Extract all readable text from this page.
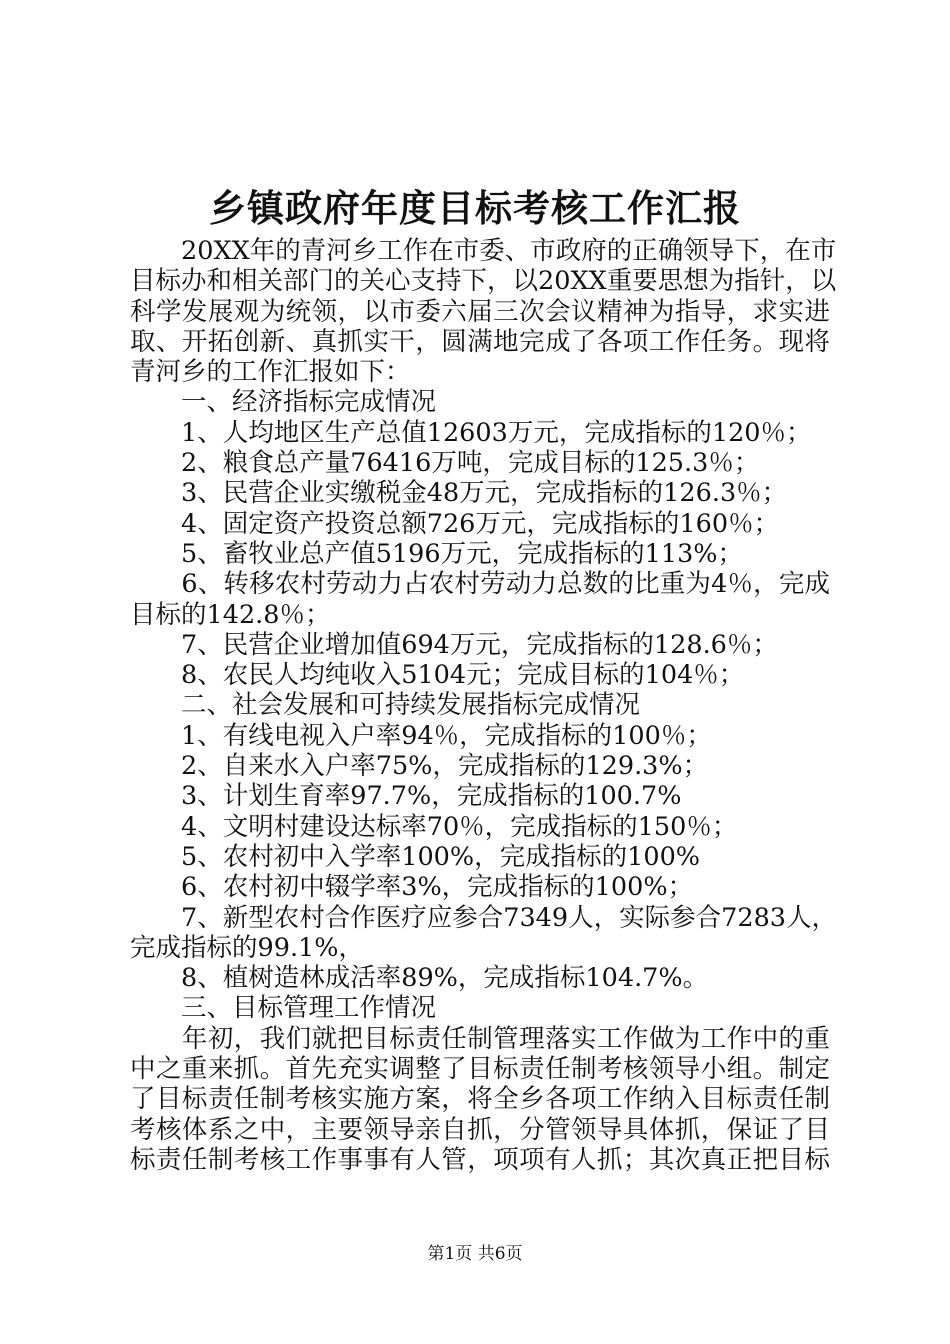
乡镇政府年度目标考核工作汇报
　　20XX年的青河乡工作在市委、市政府的正确领导下，在市
目标办和相关部门的关心支持下，以20XX重要思想为指针，以
科学发展观为统领，以市委六届三次会议精神为指导，求实进
取、开拓创新、真抓实干，圆满地完成了各项工作任务。现将
青河乡的工作汇报如下：
　　一、经济指标完成情况
　　1、人均地区生产总值12603万元，完成指标的120％；
　　2、粮食总产量76416万吨，完成目标的125.3％；
　　3、民营企业实缴税金48万元，完成指标的126.3％；
　　4、固定资产投资总额726万元，完成指标的160％；
　　5、畜牧业总产值5196万元，完成指标的113%；
　　6、转移农村劳动力占农村劳动力总数的比重为4％，完成
目标的142.8％；
　　7、民营企业增加值694万元，完成指标的128.6％；
　　8、农民人均纯收入5104元；完成目标的104％；
　　二、社会发展和可持续发展指标完成情况
　　1、有线电视入户率94％，完成指标的100％；
　　2、自来水入户率75%，完成指标的129.3%；
　　3、计划生育率97.7%，完成指标的100.7%
　　4、文明村建设达标率70％，完成指标的150％；
　　5、农村初中入学率100%，完成指标的100%
　　6、农村初中辍学率3%，完成指标的100%；
　　7、新型农村合作医疗应参合7349人，实际参合7283人，
完成指标的99.1%，
　　8、植树造林成活率89%，完成指标104.7%。
　　三、目标管理工作情况
　　年初，我们就把目标责任制管理落实工作做为工作中的重
中之重来抓。首先充实调整了目标责任制考核领导小组。制定
了目标责任制考核实施方案，将全乡各项工作纳入目标责任制
考核体系之中，主要领导亲自抓，分管领导具体抓，保证了目
标责任制考核工作事事有人管，项项有人抓；其次真正把目标
第1页 共6页
